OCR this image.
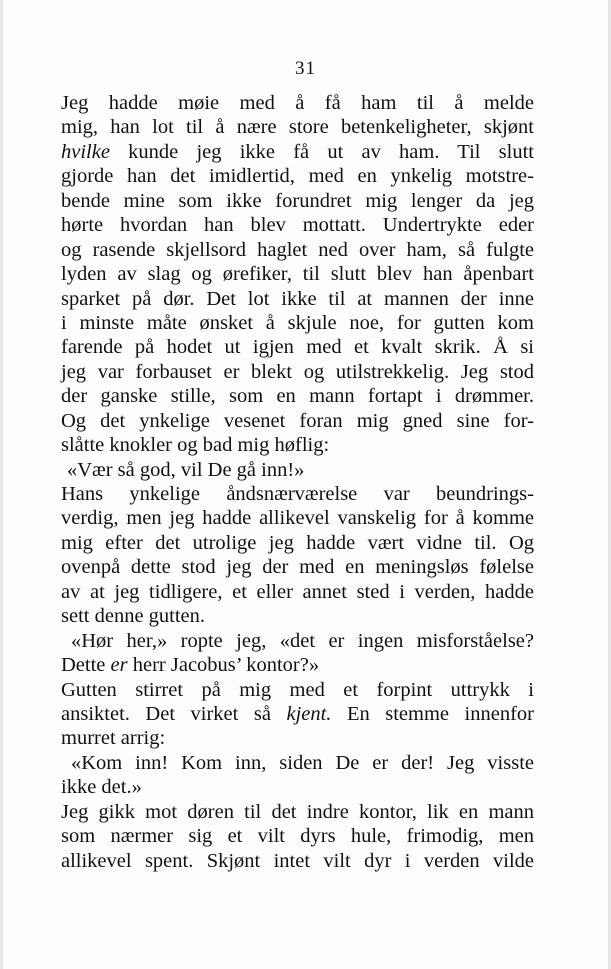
31
Jeg hadde møie med å få ham til å melde
mig, han lot til å nære store betenkeligheter, skjønt
hvilke kunde jeg ikke få ut av ham. Til slutt
gjorde han det imidlertid, med en ynkelig motstre-
bende mine som ikke forundret mig lenger da jeg
hørte hvordan han blev mottatt. Undertrykte eder
og rasende skjellsord haglet ned over ham, så fulgte
lyden av slag og ørefiker, til slutt blev han åpenbart
sparket på dør. Det lot ikke til at mannen der inne
i minste måte ønsket å skjule noe, for gutten kom
farende på hodet ut igjen med et kvalt skrik. Å si
jeg var forbauset er blekt og utilstrekkelig. Jeg stod
der ganske stille, som en mann fortapt i drømmer.
Og det ynkelige vesenet foran mig gned sine for-
slåtte knokler og bad mig høflig:
«Vær så god, vil De gå inn!»
Hans ynkelige åndsnærværelse var beundrings-
verdig, men jeg hadde allikevel vanskelig for å komme
mig efter det utrolige jeg hadde vært vidne til. Og
ovenpå dette stod jeg der med en meningsløs følelse
av at jeg tidligere, et eller annet sted i verden, hadde
sett denne gutten.
«Hør her,» ropte jeg, «det er ingen misforståelse?
Dette er herr Jacobus’ kontor?»
Gutten stirret på mig med et forpint uttrykk i
ansiktet. Det virket så kjent. En stemme innenfor
murret arrig:
«Kom inn! Kom inn, siden De er der! Jeg visste
ikke det.»
Jeg gikk mot døren til det indre kontor, lik en mann
som nærmer sig et vilt dyrs hule, frimodig, men
allikevel spent. Skjønt intet vilt dyr i verden vilde
